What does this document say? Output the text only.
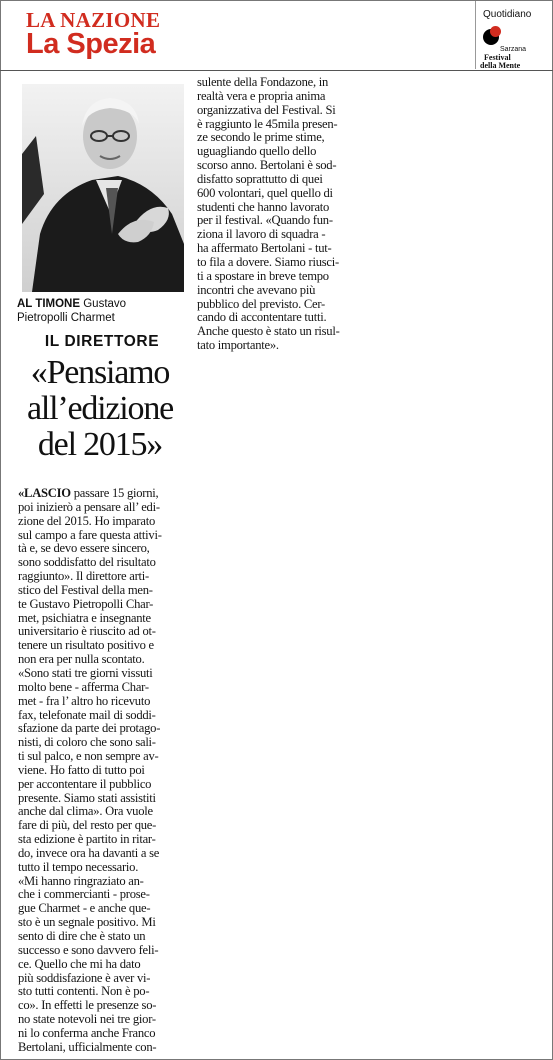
LA NAZIONE
La Spezia
Quotidiano
Sarzana
Festival
della Mente
AL TIMONE Gustavo
Pietropolli Charmet
IL DIRETTORE
«Pensiamo
all’edizione
del 2015»
«LASCIO passare 15 giorni,
poi inizierò a pensare all’ edi-
zione del 2015. Ho imparato
sul campo a fare questa attivi-
tà e, se devo essere sincero,
sono soddisfatto del risultato
raggiunto». Il direttore arti-
stico del Festival della men-
te Gustavo Pietropolli Char-
met, psichiatra e insegnante
universitario è riuscito ad ot-
tenere un risultato positivo e
non era per nulla scontato.
«Sono stati tre giorni vissuti
molto bene - afferma Char-
met - fra l’ altro ho ricevuto
fax, telefonate mail di soddi-
sfazione da parte dei protago-
nisti, di coloro che sono sali-
ti sul palco, e non sempre av-
viene. Ho fatto di tutto poi
per accontentare il pubblico
presente. Siamo stati assistiti
anche dal clima». Ora vuole
fare di più, del resto per que-
sta edizione è partito in ritar-
do, invece ora ha davanti a se
tutto il tempo necessario.
«Mi hanno ringraziato an-
che i commercianti - prose-
gue Charmet - e anche que-
sto è un segnale positivo. Mi
sento di dire che è stato un
successo e sono davvero feli-
ce. Quello che mi ha dato
più soddisfazione è aver vi-
sto tutti contenti. Non è po-
co». In effetti le presenze so-
no state notevoli nei tre gior-
ni lo conferma anche Franco
Bertolani, ufficialmente con-
sulente della Fondazone, in
realtà vera e propria anima
organizzativa del Festival. Si
è raggiunto le 45mila presen-
ze secondo le prime stime,
uguagliando quello dello
scorso anno. Bertolani è sod-
disfatto soprattutto di quei
600 volontari, quel quello di
studenti che hanno lavorato
per il festival. «Quando fun-
ziona il lavoro di squadra -
ha affermato Bertolani - tut-
to fila a dovere. Siamo riusci-
ti a spostare in breve tempo
incontri che avevano più
pubblico del previsto. Cer-
cando di accontentare tutti.
Anche questo è stato un risul-
tato importante».
